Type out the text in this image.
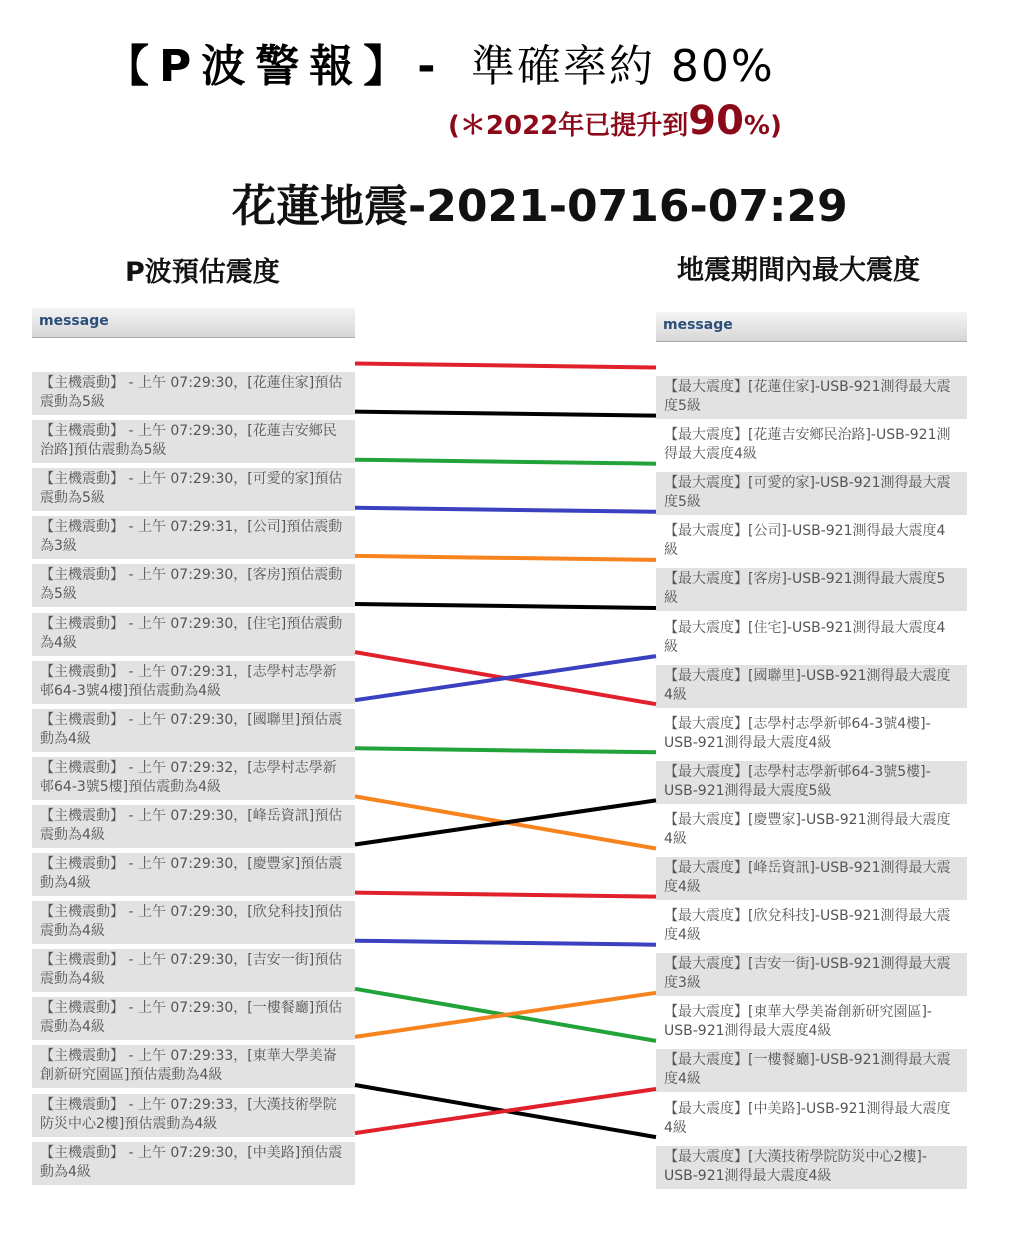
【P波警報】- 準確率約 80%
(＊2022年已提升到90%)
花蓮地震-2021-0716-07:29
P波預估震度	地震期間內最大震度
message
【主機震動】 - 上午 07:29:30，[花蓮住家]預估震動為5級
【主機震動】 - 上午 07:29:30，[花蓮吉安鄉民治路]預估震動為5級
【主機震動】 - 上午 07:29:30，[可愛的家]預估震動為5級
【主機震動】 - 上午 07:29:31，[公司]預估震動為3級
【主機震動】 - 上午 07:29:30，[客房]預估震動為5級
【主機震動】 - 上午 07:29:30，[住宅]預估震動為4級
【主機震動】 - 上午 07:29:31，[志學村志學新邨64-3號4樓]預估震動為4級
【主機震動】 - 上午 07:29:30，[國聯里]預估震動為4級
【主機震動】 - 上午 07:29:32，[志學村志學新邨64-3號5樓]預估震動為4級
【主機震動】 - 上午 07:29:30，[峰岳資訊]預估震動為4級
【主機震動】 - 上午 07:29:30，[慶豐家]預估震動為4級
【主機震動】 - 上午 07:29:30，[欣兌科技]預估震動為4級
【主機震動】 - 上午 07:29:30，[吉安一街]預估震動為4級
【主機震動】 - 上午 07:29:30，[一樓餐廳]預估震動為4級
【主機震動】 - 上午 07:29:33，[東華大學美崙創新研究園區]預估震動為4級
【主機震動】 - 上午 07:29:33，[大漢技術學院防災中心2樓]預估震動為4級
【主機震動】 - 上午 07:29:30，[中美路]預估震動為4級
message
【最大震度】[花蓮住家]-USB-921測得最大震度5級
【最大震度】[花蓮吉安鄉民治路]-USB-921測得最大震度4級
【最大震度】[可愛的家]-USB-921測得最大震度5級
【最大震度】[公司]-USB-921測得最大震度4級
【最大震度】[客房]-USB-921測得最大震度5級
【最大震度】[住宅]-USB-921測得最大震度4級
【最大震度】[國聯里]-USB-921測得最大震度4級
【最大震度】[志學村志學新邨64-3號4樓]-USB-921測得最大震度4級
【最大震度】[志學村志學新邨64-3號5樓]-USB-921測得最大震度5級
【最大震度】[慶豐家]-USB-921測得最大震度4級
【最大震度】[峰岳資訊]-USB-921測得最大震度4級
【最大震度】[欣兌科技]-USB-921測得最大震度4級
【最大震度】[吉安一街]-USB-921測得最大震度3級
【最大震度】[東華大學美崙創新研究園區]-USB-921測得最大震度4級
【最大震度】[一樓餐廳]-USB-921測得最大震度4級
【最大震度】[中美路]-USB-921測得最大震度4級
【最大震度】[大漢技術學院防災中心2樓]-USB-921測得最大震度4級
